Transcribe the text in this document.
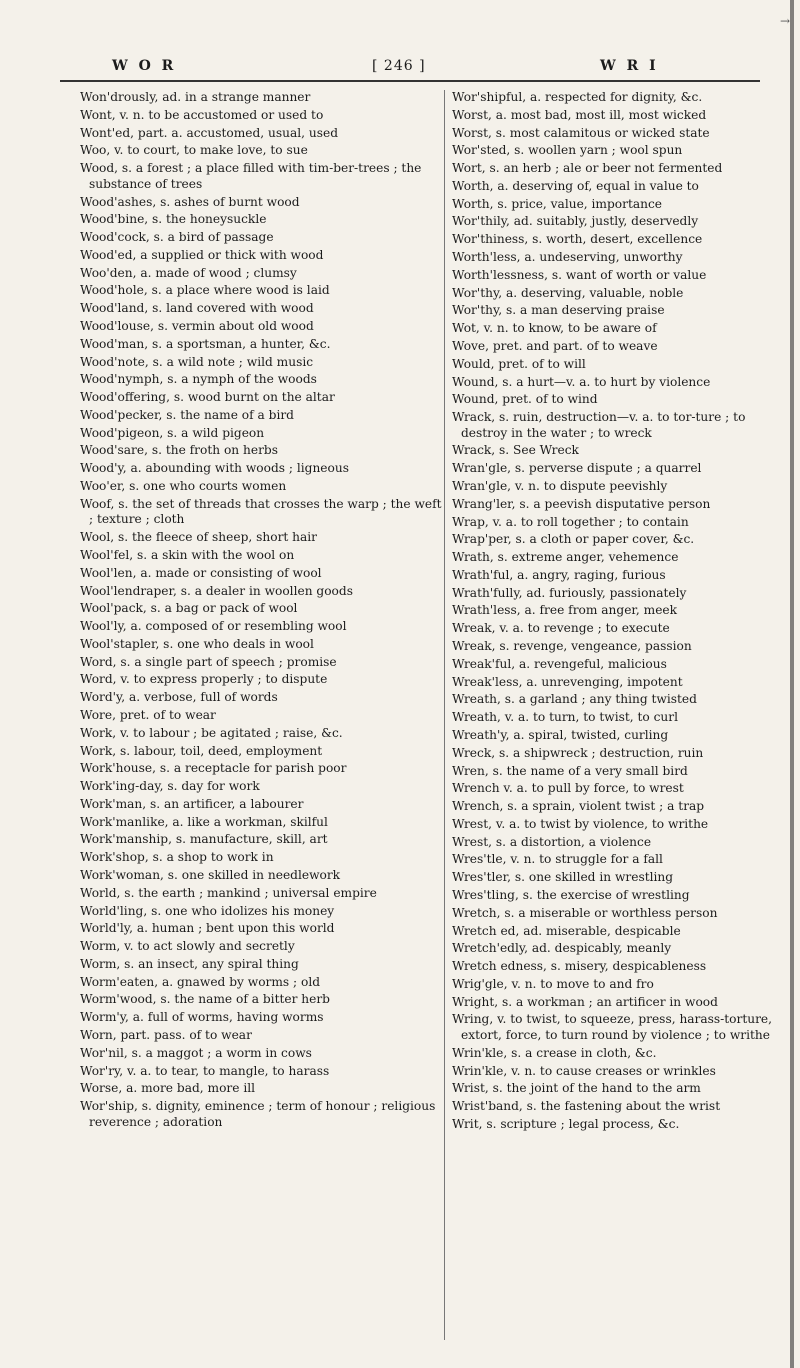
→
W O R	[ 246 ]	W R I
Won'drously, ad. in a strange manner
Wont, v. n. to be accustomed or used to
Wont'ed, part. a. accustomed, usual, used
Woo, v. to court, to make love, to sue
Wood, s. a forest ; a place filled with tim-ber-trees ; the substance of trees
Wood'ashes, s. ashes of burnt wood
Wood'bine, s. the honeysuckle
Wood'cock, s. a bird of passage
Wood'ed, a supplied or thick with wood
Woo'den, a. made of wood ; clumsy
Wood'hole, s. a place where wood is laid
Wood'land, s. land covered with wood
Wood'louse, s. vermin about old wood
Wood'man, s. a sportsman, a hunter, &c.
Wood'note, s. a wild note ; wild music
Wood'nymph, s. a nymph of the woods
Wood'offering, s. wood burnt on the altar
Wood'pecker, s. the name of a bird
Wood'pigeon, s. a wild pigeon
Wood'sare, s. the froth on herbs
Wood'y, a. abounding with woods ; ligneous
Woo'er, s. one who courts women
Woof, s. the set of threads that crosses the warp ; the weft ; texture ; cloth
Wool, s. the fleece of sheep, short hair
Wool'fel, s. a skin with the wool on
Wool'len, a. made or consisting of wool
Wool'lendraper, s. a dealer in woollen goods
Wool'pack, s. a bag or pack of wool
Wool'ly, a. composed of or resembling wool
Wool'stapler, s. one who deals in wool
Word, s. a single part of speech ; promise
Word, v. to express properly ; to dispute
Word'y, a. verbose, full of words
Wore, pret. of to wear
Work, v. to labour ; be agitated ; raise, &c.
Work, s. labour, toil, deed, employment
Work'house, s. a receptacle for parish poor
Work'ing-day, s. day for work
Work'man, s. an artificer, a labourer
Work'manlike, a. like a workman, skilful
Work'manship, s. manufacture, skill, art
Work'shop, s. a shop to work in
Work'woman, s. one skilled in needlework
World, s. the earth ; mankind ; universal empire
World'ling, s. one who idolizes his money
World'ly, a. human ; bent upon this world
Worm, v. to act slowly and secretly
Worm, s. an insect, any spiral thing
Worm'eaten, a. gnawed by worms ; old
Worm'wood, s. the name of a bitter herb
Worm'y, a. full of worms, having worms
Worn, part. pass. of to wear
Wor'nil, s. a maggot ; a worm in cows
Wor'ry, v. a. to tear, to mangle, to harass
Worse, a. more bad, more ill
Wor'ship, s. dignity, eminence ; term of honour ; religious reverence ; adoration
Wor'shipful, a. respected for dignity, &c.
Worst, a. most bad, most ill, most wicked
Worst, s. most calamitous or wicked state
Wor'sted, s. woollen yarn ; wool spun
Wort, s. an herb ; ale or beer not fermented
Worth, a. deserving of, equal in value to
Worth, s. price, value, importance
Wor'thily, ad. suitably, justly, deservedly
Wor'thiness, s. worth, desert, excellence
Worth'less, a. undeserving, unworthy
Worth'lessness, s. want of worth or value
Wor'thy, a. deserving, valuable, noble
Wor'thy, s. a man deserving praise
Wot, v. n. to know, to be aware of
Wove, pret. and part. of to weave
Would, pret. of to will
Wound, s. a hurt—v. a. to hurt by violence
Wound, pret. of to wind
Wrack, s. ruin, destruction—v. a. to tor-ture ; to destroy in the water ; to wreck
Wrack, s. See Wreck
Wran'gle, s. perverse dispute ; a quarrel
Wran'gle, v. n. to dispute peevishly
Wrang'ler, s. a peevish disputative person
Wrap, v. a. to roll together ; to contain
Wrap'per, s. a cloth or paper cover, &c.
Wrath, s. extreme anger, vehemence
Wrath'ful, a. angry, raging, furious
Wrath'fully, ad. furiously, passionately
Wrath'less, a. free from anger, meek
Wreak, v. a. to revenge ; to execute
Wreak, s. revenge, vengeance, passion
Wreak'ful, a. revengeful, malicious
Wreak'less, a. unrevenging, impotent
Wreath, s. a garland ; any thing twisted
Wreath, v. a. to turn, to twist, to curl
Wreath'y, a. spiral, twisted, curling
Wreck, s. a shipwreck ; destruction, ruin
Wren, s. the name of a very small bird
Wrench v. a. to pull by force, to wrest
Wrench, s. a sprain, violent twist ; a trap
Wrest, v. a. to twist by violence, to writhe
Wrest, s. a distortion, a violence
Wres'tle, v. n. to struggle for a fall
Wres'tler, s. one skilled in wrestling
Wres'tling, s. the exercise of wrestling
Wretch, s. a miserable or worthless person
Wretch ed, ad. miserable, despicable
Wretch'edly, ad. despicably, meanly
Wretch edness, s. misery, despicableness
Wrig'gle, v. n. to move to and fro
Wright, s. a workman ; an artificer in wood
Wring, v. to twist, to squeeze, press, harass-torture, extort, force, to turn round by violence ; to writhe
Wrin'kle, s. a crease in cloth, &c.
Wrin'kle, v. n. to cause creases or wrinkles
Wrist, s. the joint of the hand to the arm
Wrist'band, s. the fastening about the wrist
Writ, s. scripture ; legal process, &c.
